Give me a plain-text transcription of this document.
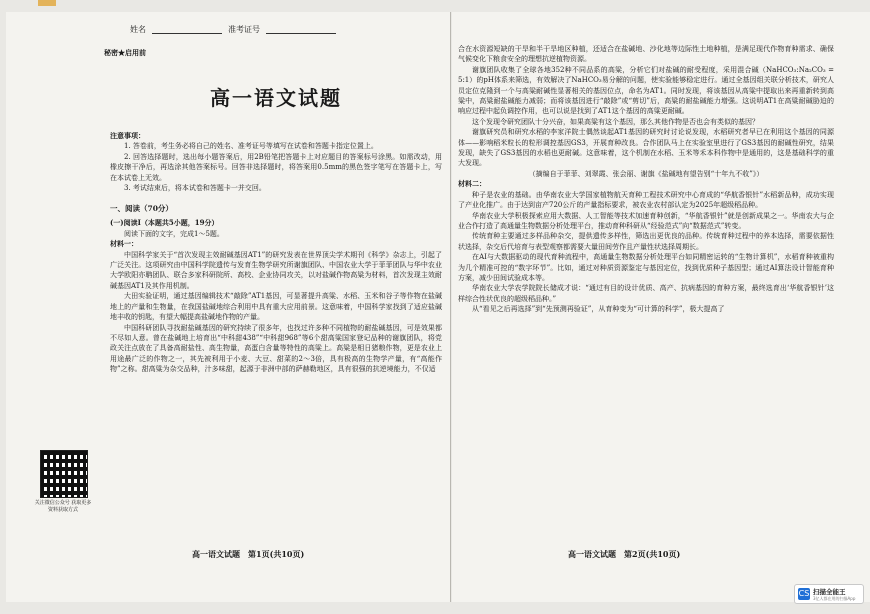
姓名	准考证号
秘密★启用前
高一语文试题

注意事项：

1. 答卷前，考生务必将自己的姓名、准考证号等填写在试卷和答题卡指定位置上。

2. 回答选择题时，选出每小题答案后，用2B铅笔把答题卡上对应题目的答案标号涂黑。如需改动，用橡皮擦干净后，再选涂其他答案标号。回答非选择题时，将答案用0.5mm的黑色签字笔写在答题卡上，写在本试卷上无效。

3. 考试结束后，将本试卷和答题卡一并交回。

一、阅读（70分）

(一)阅读Ⅰ（本题共5小题，19分）

阅读下面的文字，完成1～5题。

材料一：

中国科学家关于“首次发现主效耐碱基因AT1”的研究发表在世界顶尖学术期刊《科学》杂志上，引起了广泛关注。这项研究由中国科学院遗传与发育生物学研究所谢旗团队、中国农业大学于菲菲团队与华中农业大学欧阳亦聃团队、联合多家科研院所、高校、企业协同攻关，以对盐碱作物高粱为材料，首次发现主效耐碱基因AT1及其作用机制。

大田实验证明，通过基因编辑技术“敲除”AT1基因，可显著提升高粱、水稻、玉米和谷子等作物在盐碱地上的产量和生物量，在我国盐碱地综合利用中具有重大应用前景。这意味着，中国科学家找到了适应盐碱地丰收的钥匙，有望大幅提高盐碱地作物的产量。

中国科研团队寻找耐盐碱基因的研究持续了很多年，也找过许多种不同植物的耐盐碱基因，可是效果都不尽如人意。曾在盐碱地上培育出“中科甜438”“中科甜968”等6个甜高粱国家登记品种的谢旗团队，将党政关注点放在了具备高耐盐性、高生物量，高蛋白含量等特性的高粱上。高粱是相日猪粮作物，更是农业上用途最广泛的作物之一，其先被利用于小麦、大豆、甜菜的2～3倍，具有极高的生物学产量，有“高能作物”之称。甜高粱为杂交品种，汁多味甜，起源于非洲中部的萨赫勒地区，具有很强的抗逆境能力，不仅适

高一语文试题　第1页(共10页)

合在水资源短缺的干旱和半干旱地区种植，还适合在盐碱地、沙化地等边际性土地种植，是满足现代作物育种需求、确保气候变化下粮食安全的理想抗逆植物资源。

谢旗团队收集了全球各地352种不同品系的高粱，分析它们对盐碱的耐受程度，采用混合碱（NaHCO₃:Na₂CO₃ = 5:1）的pH体系来筛选，有效解决了NaHCO₃易分解的问题，使实验能够稳定进行。通过全基因组关联分析技术，研究人员定位克隆到一个与高粱耐碱性显著相关的基因位点，命名为AT1。同时发现，将该基因从高粱中提取出来再重新转到高粱中，高粱耐盐碱能力减弱；而将该基因进行“敲除”或“剪切”后，高粱的耐盐碱能力增强。这说明AT1在高粱耐碱胁迫的响应过程中起负调控作用，也可以说是找到了AT1这个基因的高粱更耐碱。

这个发现令研究团队十分兴奋，如果高粱有这个基因，那么其他作物是否也会有类似的基因？

谢旗研究员和研究水稻的李家洋院士偶然谈起AT1基因的研究时讨论说发现，水稻研究者早已在利用这个基因的同源体——影响稻米粒长的粒形调控基因GS3，开展育种改良。合作团队马上在实验室里进行了GS3基因的耐碱性研究，结果发现，缺失了GS3基因的水稻也更耐碱。这意味着，这个机制在水稻、玉米等禾本科作物中是通用的，这是基础科学的重大发现。

（摘编自于菲菲、刘翠霞、张会丽、谢旗《盐碱地有望告别“十年九不收”》）

材料二：

种子是农业的基础。由华南农业大学国家植物航天育种工程技术研究中心育成的“华航香银针”水稻新品种，成功实现了产业化推广。由于达到亩产720公斤的产量指标要求，被农业农村部认定为2025年超级稻品种。

华南农业大学积极探索应用大数据、人工智能等技术加速育种创新，“华航香银针”就是创新成果之一。华南农大与企业合作打造了高通量生物数据分析处理平台，推动育种科研从“经验范式”向“数据范式”转变。

传统育种主要通过多样品种杂交，提供遗传多样性，筛选出更优良的品种。传统育种过程中的养本选择，需要依据性状选择，杂交后代培育与表型观察都需要大量田间劳作且产量性状选择周期长。

在AI与大数据驱动的现代育种流程中，高通量生物数据分析处理平台如同精密运转的“生物计算机”，水稻育种被重构为几个精准可控的“数字环节”。比如，通过对种质资源鉴定与基因定位，找到优质种子基因型；通过AI算法设计智能育种方案，减少田间试验成本等。

华南农业大学农学院院长储成才说：“通过有目的设计优质、高产、抗病基因的育种方案，最终选育出‘华航香银针’这样综合性状优良的超级稻品种。”

从“看见之后再选择”到“先预测再验证”，从育种变为“可计算的科学”，极大提高了

高一语文试题　第2页(共10页)
关注微信公众号 获取更多资料获取方式
CS 扫描全能王
3亿人都在用的扫描App
